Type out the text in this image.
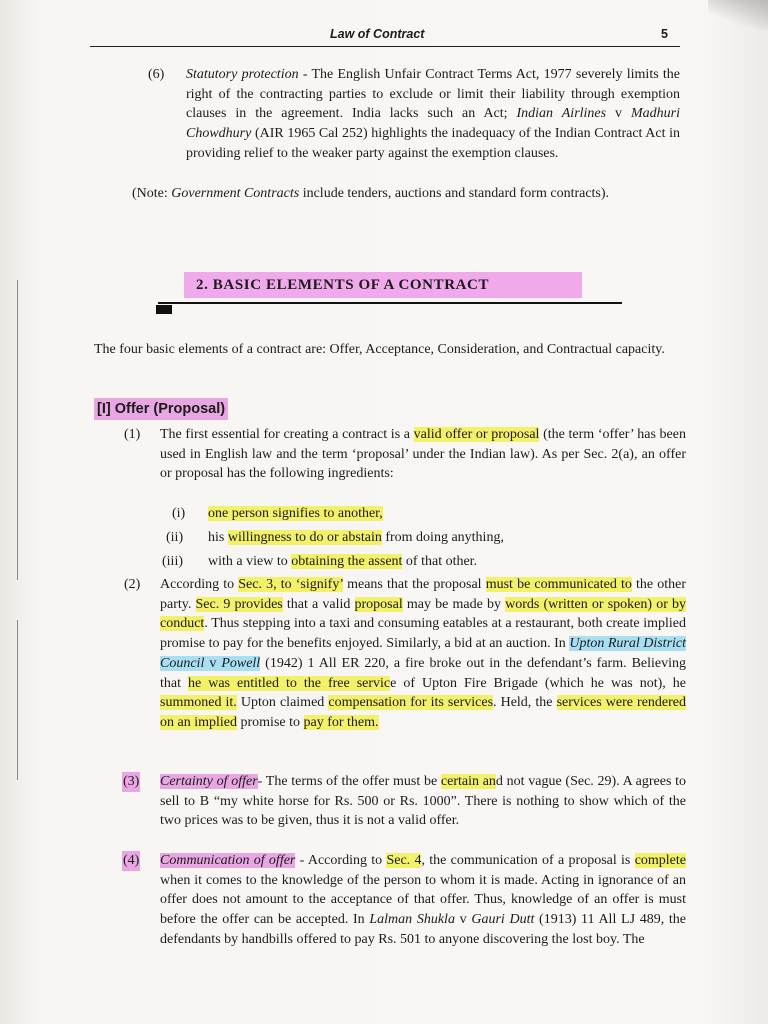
Law of Contract	5
(6) Statutory protection - The English Unfair Contract Terms Act, 1977 severely limits the right of the contracting parties to exclude or limit their liability through exemption clauses in the agreement. India lacks such an Act; Indian Airlines v Madhuri Chowdhury (AIR 1965 Cal 252) highlights the inadequacy of the Indian Contract Act in providing relief to the weaker party against the exemption clauses.
(Note: Government Contracts include tenders, auctions and standard form contracts).
2. BASIC ELEMENTS OF A CONTRACT
The four basic elements of a contract are: Offer, Acceptance, Consideration, and Contractual capacity.
[I] Offer (Proposal)
(1) The first essential for creating a contract is a valid offer or proposal (the term ‘offer’ has been used in English law and the term ‘proposal’ under the Indian law). As per Sec. 2(a), an offer or proposal has the following ingredients:
(i) one person signifies to another,
(ii) his willingness to do or abstain from doing anything,
(iii) with a view to obtaining the assent of that other.
(2) According to Sec. 3, to ‘signify’ means that the proposal must be communicated to the other party. Sec. 9 provides that a valid proposal may be made by words (written or spoken) or by conduct. Thus stepping into a taxi and consuming eatables at a restaurant, both create implied promise to pay for the benefits enjoyed. Similarly, a bid at an auction. In Upton Rural District Council v Powell (1942) 1 All ER 220, a fire broke out in the defendant’s farm. Believing that he was entitled to the free service of Upton Fire Brigade (which he was not), he summoned it. Upton claimed compensation for its services. Held, the services were rendered on an implied promise to pay for them.
(3) Certainty of offer- The terms of the offer must be certain and not vague (Sec. 29). A agrees to sell to B “my white horse for Rs. 500 or Rs. 1000”. There is nothing to show which of the two prices was to be given, thus it is not a valid offer.
(4) Communication of offer - According to Sec. 4, the communication of a proposal is complete when it comes to the knowledge of the person to whom it is made. Acting in ignorance of an offer does not amount to the acceptance of that offer. Thus, knowledge of an offer is must before the offer can be accepted. In Lalman Shukla v Gauri Dutt (1913) 11 All LJ 489, the defendants by handbills offered to pay Rs. 501 to anyone discovering the lost boy. The
